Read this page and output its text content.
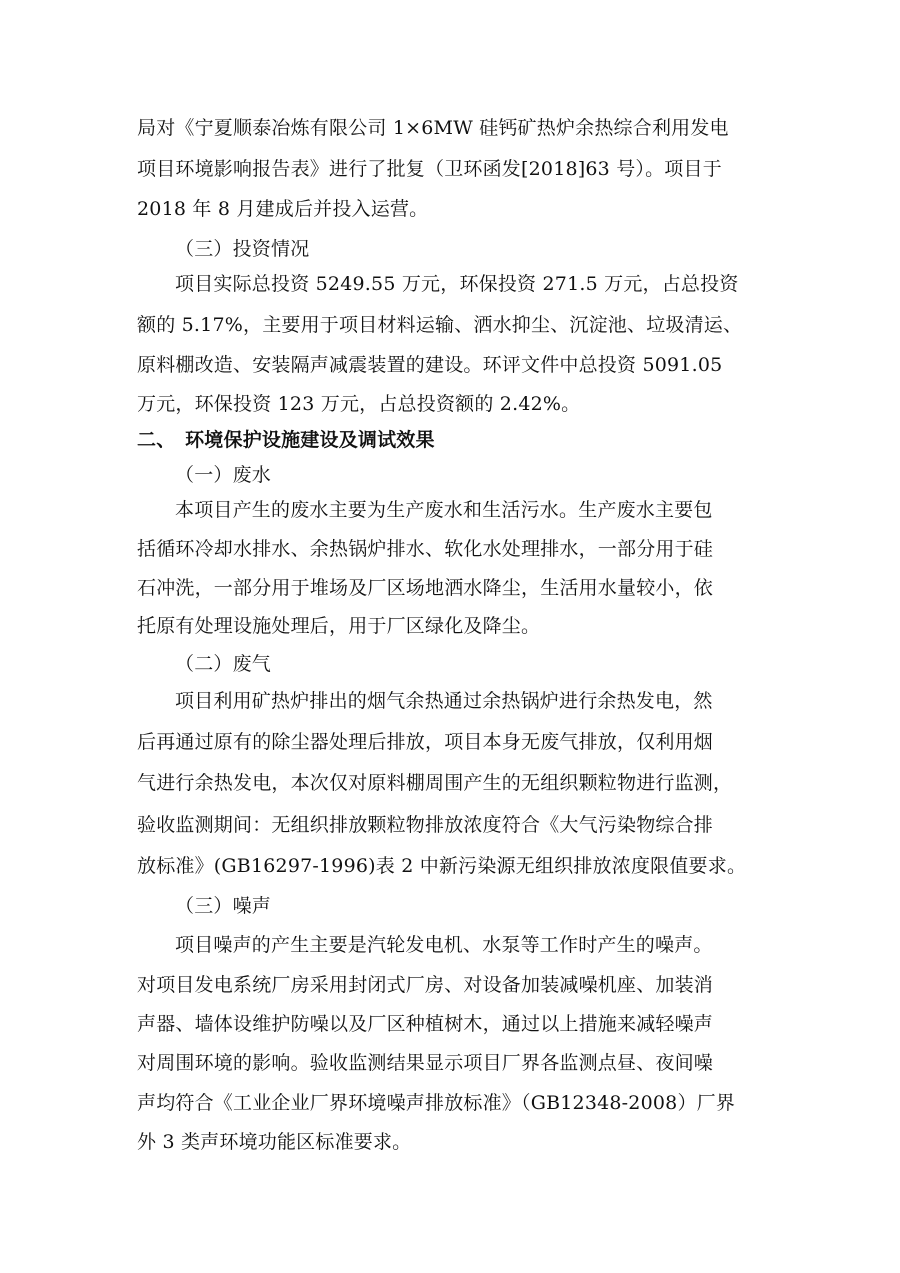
局对《宁夏顺泰冶炼有限公司 1×6MW 硅钙矿热炉余热综合利用发电
项目环境影响报告表》进行了批复（卫环函发[2018]63 号）。项目于
2018 年 8 月建成后并投入运营。
（三）投资情况
项目实际总投资 5249.55 万元，环保投资 271.5 万元，占总投资
额的 5.17%，主要用于项目材料运输、洒水抑尘、沉淀池、垃圾清运、
原料棚改造、安装隔声减震装置的建设。环评文件中总投资 5091.05
万元，环保投资 123 万元，占总投资额的 2.42%。
二、　环境保护设施建设及调试效果
（一）废水
本项目产生的废水主要为生产废水和生活污水。生产废水主要包
括循环冷却水排水、余热锅炉排水、软化水处理排水，一部分用于硅
石冲洗，一部分用于堆场及厂区场地洒水降尘，生活用水量较小，依
托原有处理设施处理后，用于厂区绿化及降尘。
（二）废气
项目利用矿热炉排出的烟气余热通过余热锅炉进行余热发电，然
后再通过原有的除尘器处理后排放，项目本身无废气排放，仅利用烟
气进行余热发电，本次仅对原料棚周围产生的无组织颗粒物进行监测，
验收监测期间：无组织排放颗粒物排放浓度符合《大气污染物综合排
放标准》(GB16297-1996)表 2 中新污染源无组织排放浓度限值要求。
（三）噪声
项目噪声的产生主要是汽轮发电机、水泵等工作时产生的噪声。
对项目发电系统厂房采用封闭式厂房、对设备加装减噪机座、加装消
声器、墙体设维护防噪以及厂区种植树木，通过以上措施来减轻噪声
对周围环境的影响。验收监测结果显示项目厂界各监测点昼、夜间噪
声均符合《工业企业厂界环境噪声排放标准》（GB12348-2008）厂界
外 3 类声环境功能区标准要求。
